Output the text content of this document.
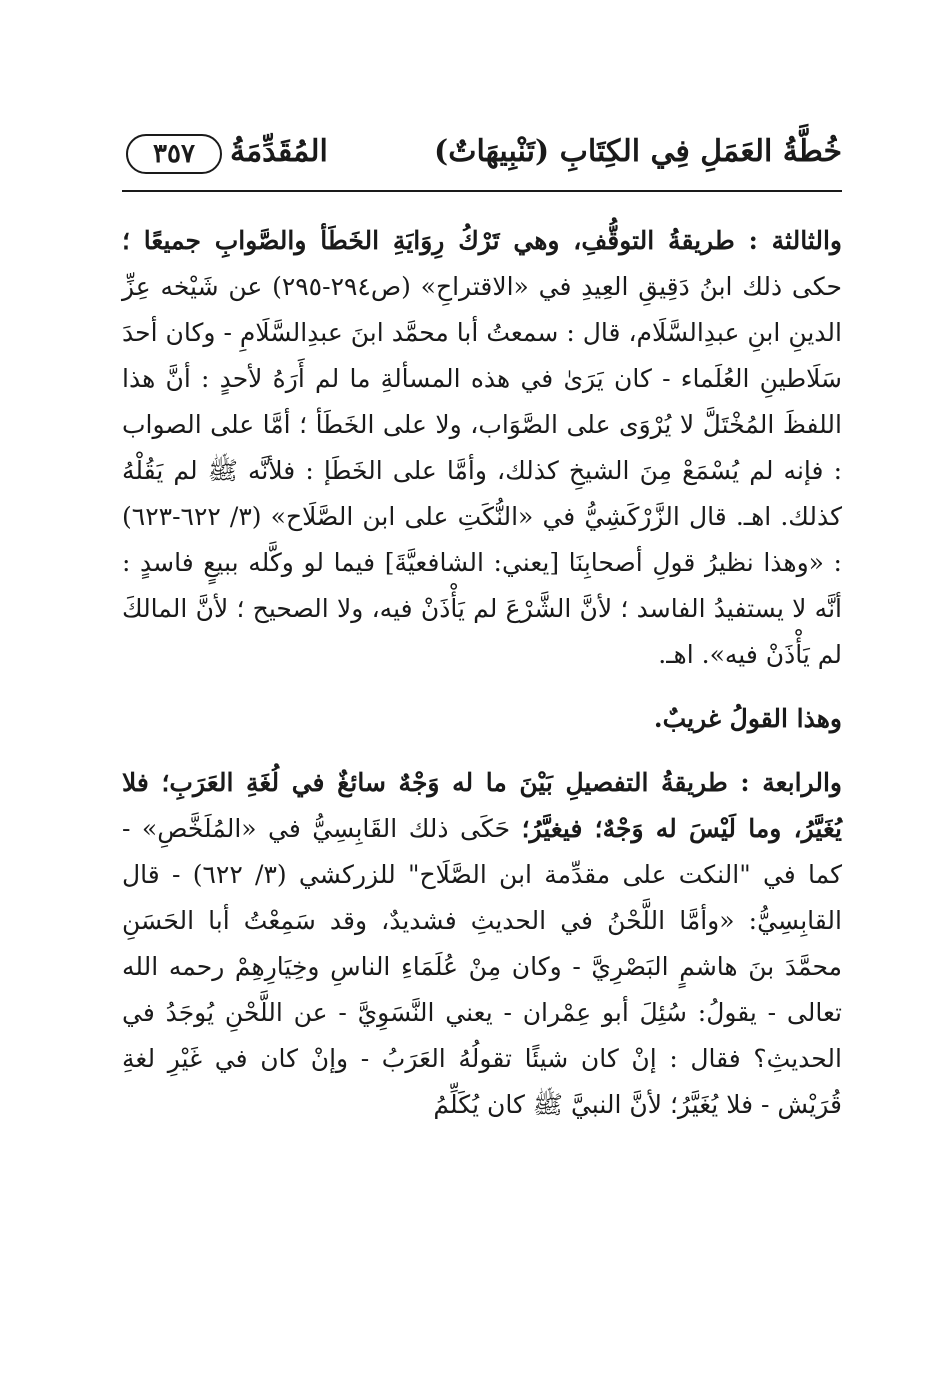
خُطَّةُ العَمَلِ فِي الكِتَابِ (تَنْبِيهَاتٌ)
المُقَدِّمَةُ
٣٥٧

والثالثة : طريقةُ التوقُّفِ، وهي تَرْكُ رِوَايَةِ الخَطَأ والصَّوابِ جميعًا ؛ حكى ذلك ابنُ دَقِيقِ العِيدِ في «الاقتراحِ» (ص٢٩٤-٢٩٥) عن شَيْخه عِزِّ الدينِ ابنِ عبدِالسَّلَام، قال : سمعتُ أبا محمَّد ابنَ عبدِالسَّلَامِ - وكان أحدَ سَلَاطينِ العُلَماء - كان يَرَىٰ في هذه المسألةِ ما لم أَرَهُ لأحدٍ : أنَّ هذا اللفظَ المُخْتَلَّ لا يُرْوَى على الصَّوَاب، ولا على الخَطَأ ؛ أمَّا على الصواب : فإنه لم يُسْمَعْ مِنَ الشيخِ كذلك، وأمَّا على الخَطَإ : فلأنَّه ﷺ لم يَقُلْهُ كذلك. اهـ. قال الزَّرْكَشِيُّ في «النُّكَتِ على ابن الصَّلَاح» (٣/ ٦٢٢-٦٢٣) : «وهذا نظيرُ قولِ أصحابِنَا [يعني: الشافعيَّةَ] فيما لو وكَّله ببيعٍ فاسدٍ : أنَّه لا يستفيدُ الفاسد ؛ لأنَّ الشَّرْعَ لم يَأْذَنْ فيه، ولا الصحيح ؛ لأنَّ المالكَ لم يَأْذَنْ فيه». اهـ.

وهذا القولُ غريبٌ.

والرابعة : طريقةُ التفصيلِ بَيْنَ ما له وَجْهٌ سائغٌ في لُغَةِ العَرَبِ؛ فلا يُغَيَّرُ، وما لَيْسَ له وَجْهٌ؛ فيغيَّرُ؛ حَكَى ذلك القَابِسِيُّ في «المُلَخَّصِ» - كما في "النكت على مقدِّمة ابن الصَّلَاح" للزركشي (٣/ ٦٢٢) - قال القابِسِيُّ: «وأمَّا اللَّحْنُ في الحديثِ فشديدٌ، وقد سَمِعْتُ أبا الحَسَنِ محمَّدَ بنَ هاشمٍ البَصْرِيَّ - وكان مِنْ عُلَمَاءِ الناسِ وخِيَارِهِمْ رحمه الله تعالى - يقولُ: سُئِلَ أبو عِمْران - يعني النَّسَوِيَّ - عن اللَّحْنِ يُوجَدُ في الحديثِ؟ فقال : إنْ كان شيئًا تقولُهُ العَرَبُ - وإنْ كان في غَيْرِ لغةِ قُرَيْش - فلا يُغَيَّرُ؛ لأنَّ النبيَّ ﷺ كان يُكَلِّمُ
